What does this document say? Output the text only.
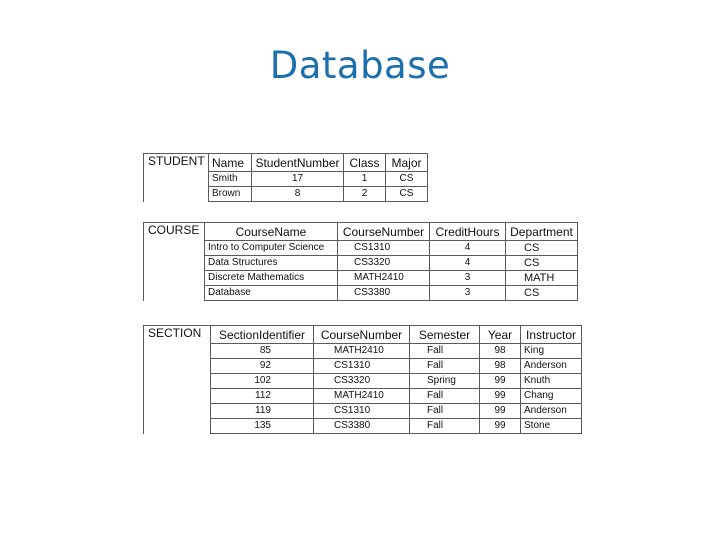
Database
STUDENT	Name	StudentNumber	Class	Major
	Smith	17	1	CS
	Brown	8	2	CS
COURSE	CourseName	CourseNumber	CreditHours	Department
	Intro to Computer Science	CS1310	4	CS
	Data Structures	CS3320	4	CS
	Discrete Mathematics	MATH2410	3	MATH
	Database	CS3380	3	CS
SECTION	SectionIdentifier	CourseNumber	Semester	Year	Instructor
	85	MATH2410	Fall	98	King
	92	CS1310	Fall	98	Anderson
	102	CS3320	Spring	99	Knuth
	112	MATH2410	Fall	99	Chang
	119	CS1310	Fall	99	Anderson
	135	CS3380	Fall	99	Stone
